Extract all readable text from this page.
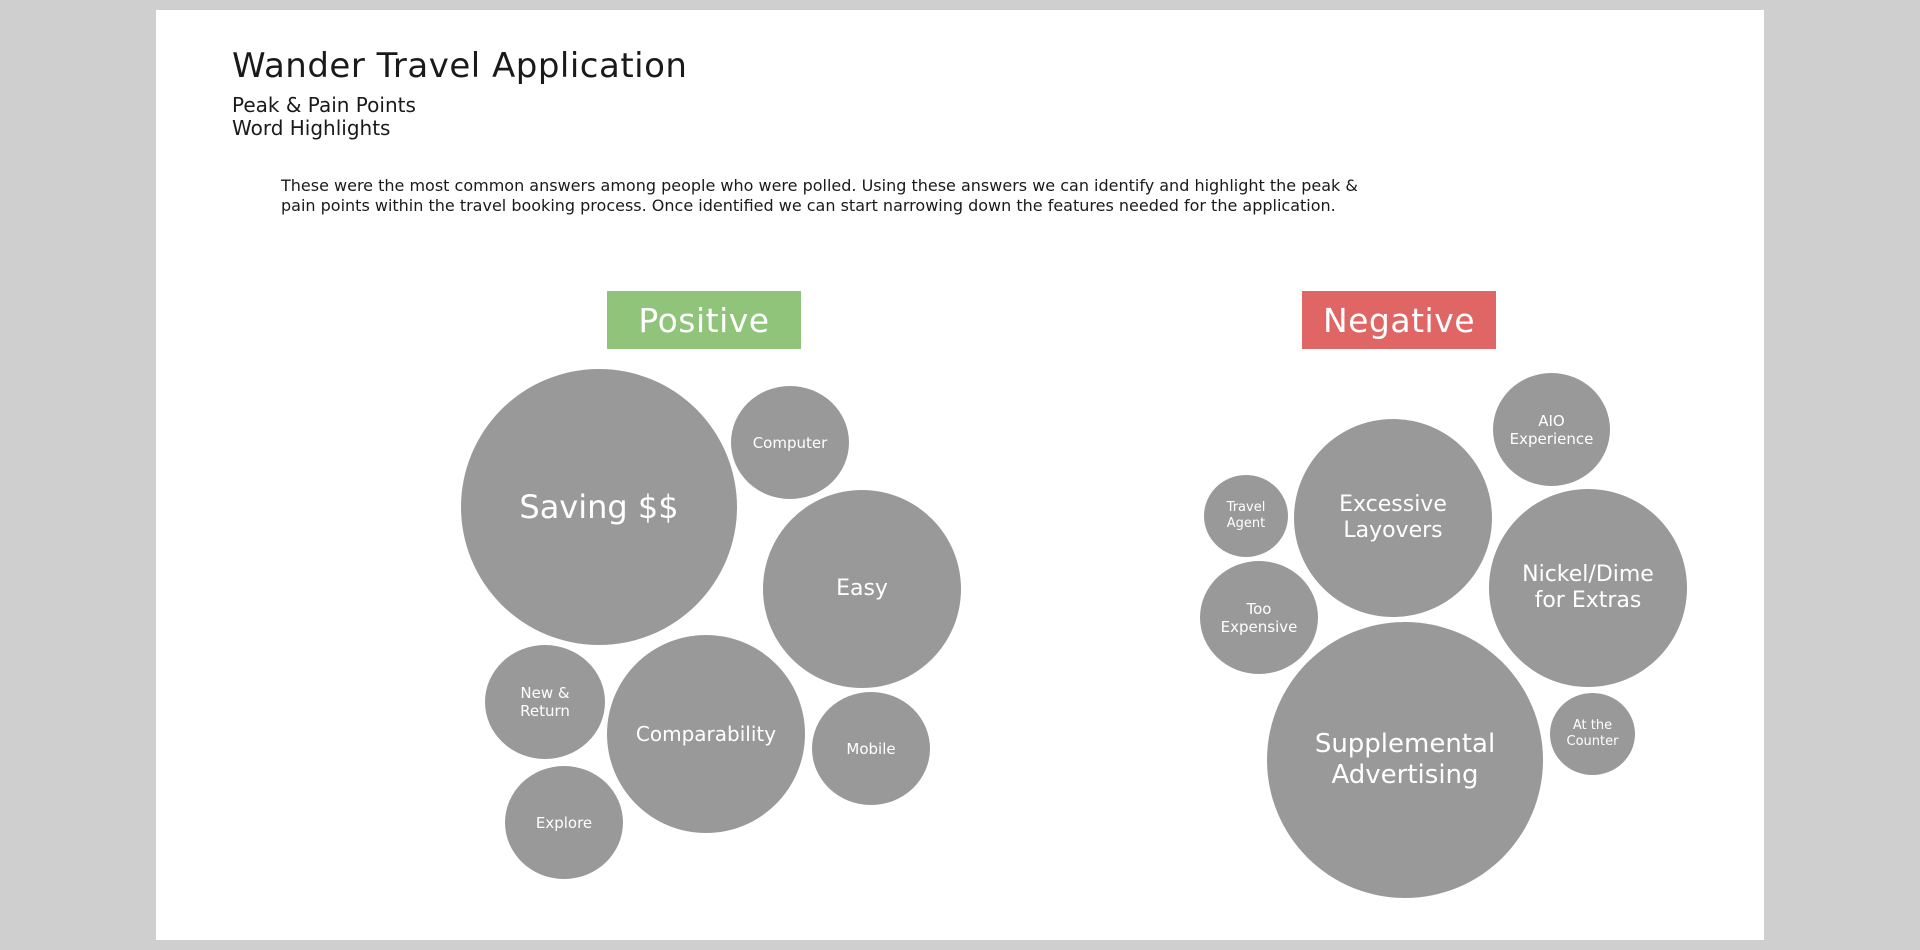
Wander Travel Application
Peak & Pain Points
Word Highlights

These were the most common answers among people who were polled. Using these answers we can identify and highlight the peak & pain points within the travel booking process. Once identified we can start narrowing down the features needed for the application.

Positive
Saving $$
Computer
Easy
New &
Return
Comparability
Mobile
Explore
Negative
AIO
Experience
Travel
Agent
Excessive
Layovers
Nickel/Dime
for Extras
Too
Expensive
Supplemental
Advertising
At the
Counter
